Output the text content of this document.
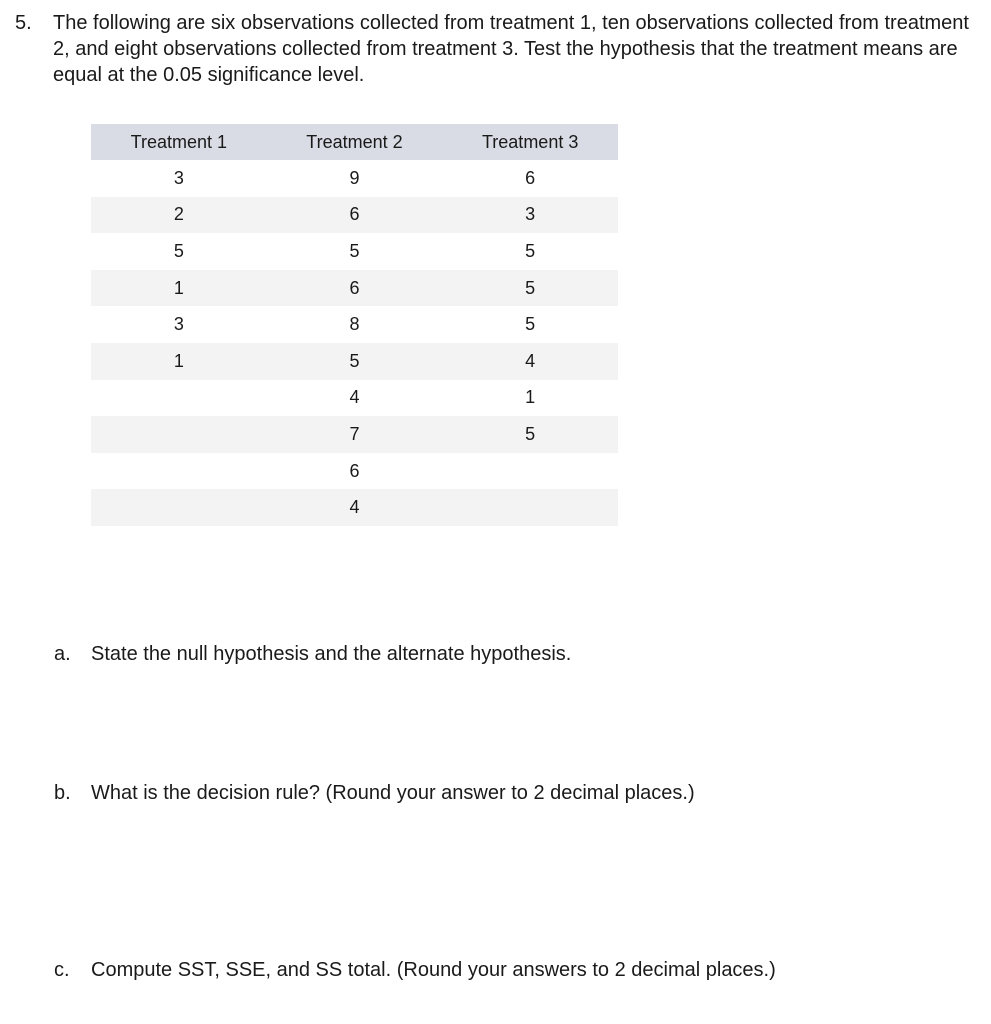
5. The following are six observations collected from treatment 1, ten observations collected from treatment 2, and eight observations collected from treatment 3. Test the hypothesis that the treatment means are equal at the 0.05 significance level.
Treatment 1	Treatment 2	Treatment 3
3	9	6
2	6	3
5	5	5
1	6	5
3	8	5
1	5	4
	4	1
	7	5
	6	
	4	
a. State the null hypothesis and the alternate hypothesis.
b. What is the decision rule? (Round your answer to 2 decimal places.)
c. Compute SST, SSE, and SS total. (Round your answers to 2 decimal places.)
